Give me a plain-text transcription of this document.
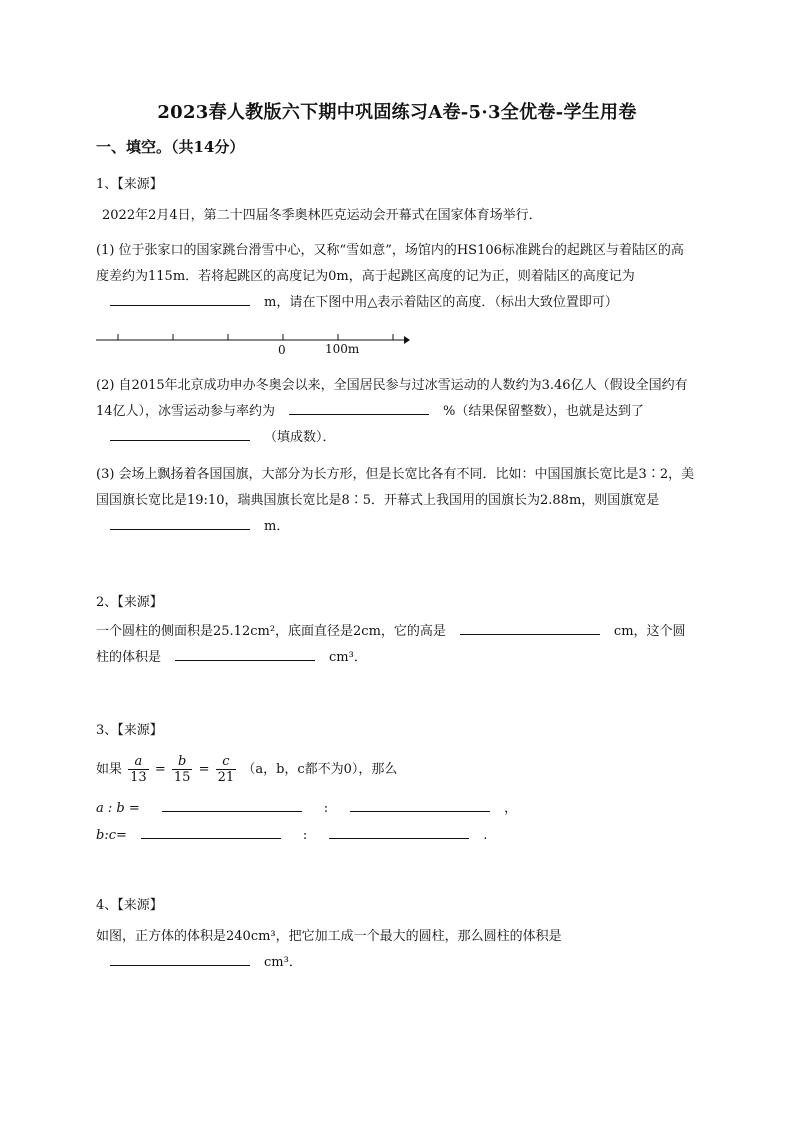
2023春人教版六下期中巩固练习A卷-5·3全优卷-学生用卷
一、填空。（共14分）
1、【来源】
2022年2月4日，第二十四届冬季奥林匹克运动会开幕式在国家体育场举行．
(1) 位于张家口的国家跳台滑雪中心，又称“雪如意”，场馆内的HS106标准跳台的起跳区与着陆区的高度差约为115m．若将起跳区的高度记为0m，高于起跳区高度的记为正，则着陆区的高度记为m，请在下图中用△表示着陆区的高度．（标出大致位置即可）
0	100m
(2) 自2015年北京成功申办冬奥会以来，全国居民参与过冰雪运动的人数约为3.46亿人（假设全国约有14亿人），冰雪运动参与率约为	%（结果保留整数），也就是达到了（填成数）．
(3) 会场上飘扬着各国国旗，大部分为长方形，但是长宽比各有不同．比如：中国国旗长宽比是3∶2，美国国旗长宽比是19:10，瑞典国旗长宽比是8∶5．开幕式上我国用的国旗长为2.88m，则国旗宽是m．
2、【来源】
一个圆柱的侧面积是25.12cm²，底面直径是2cm，它的高是	cm，这个圆柱的体积是	cm³．
3、【来源】
如果 $\frac{a}{13} = \frac{b}{15} = \frac{c}{21} (a$，b，c都不为0），那么
a : b =	:	，
b:c=	:	.
4、【来源】
如图，正方体的体积是240cm³，把它加工成一个最大的圆柱，那么圆柱的体积是
cm³．
